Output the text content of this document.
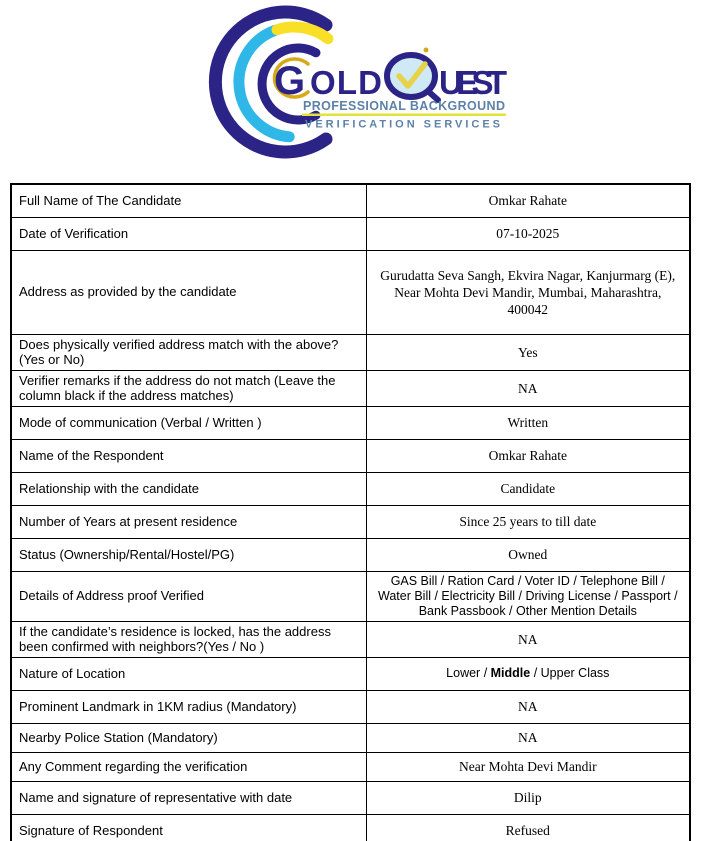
G OLD UEST
PROFESSIONAL BACKGROUND
VERIFICATION SERVICES
Full Name of The Candidate	Omkar Rahate
Date of Verification	07-10-2025
Address as provided by the candidate	Gurudatta Seva Sangh, Ekvira Nagar, Kanjurmarg (E), Near Mohta Devi Mandir, Mumbai, Maharashtra, 400042
Does physically verified address match with the above? (Yes or No)	Yes
Verifier remarks if the address do not match (Leave the column black if the address matches)	NA
Mode of communication (Verbal / Written )	Written
Name of the Respondent	Omkar Rahate
Relationship with the candidate	Candidate
Number of Years at present residence	Since 25 years to till date
Status (Ownership/Rental/Hostel/PG)	Owned
Details of Address proof Verified	GAS Bill / Ration Card / Voter ID / Telephone Bill / Water Bill / Electricity Bill / Driving License / Passport / Bank Passbook / Other Mention Details
If the candidate’s residence is locked, has the address been confirmed with neighbors?(Yes / No )	NA
Nature of Location	Lower / Middle / Upper Class
Prominent Landmark in 1KM radius (Mandatory)	NA
Nearby Police Station (Mandatory)	NA
Any Comment regarding the verification	Near Mohta Devi Mandir
Name and signature of representative with date	Dilip
Signature of Respondent	Refused
